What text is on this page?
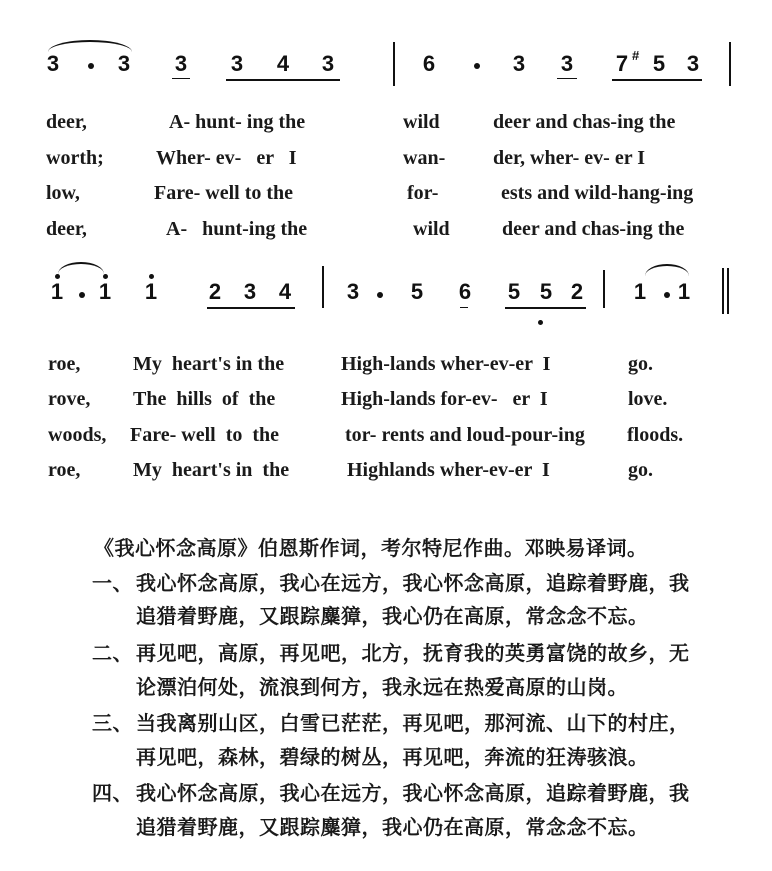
3	3 3 3 4 3	6	3 3 7 # 5 3
deer,	A- hunt- ing the	wild	deer and chas-ing the
worth;	Wher- ev-   er   I	wan- der, wher- ev- er I
low,	Fare- well to the	for-	ests and wild-hang-ing
deer,	A-   hunt-ing the	wild	deer and chas-ing the
1 1 1 2 3 4	3 5 6 5 5 2 1 1
roe,	My  heart's in the	High-lands wher-ev-er  I	go.
rove, The  hills  of  the	High-lands for-ev-   er  I	love.
woods, Fare- well  to  the	tor- rents and loud-pour-ing floods.
roe,	My  heart's in  the	Highlands wher-ev-er  I	go.
《我心怀念高原》伯恩斯作词，考尔特尼作曲。邓映易译词。
一、 我心怀念高原，我心在远方，我心怀念高原，追踪着野鹿，我
追猎着野鹿，又跟踪麋獐，我心仍在高原，常念念不忘。
二、 再见吧，高原，再见吧，北方，抚育我的英勇富饶的故乡，无
论漂泊何处，流浪到何方，我永远在热爱高原的山岗。
三、 当我离别山区，白雪已茫茫，再见吧，那河流、山下的村庄，
再见吧，森林，碧绿的树丛，再见吧，奔流的狂涛骇浪。
四、 我心怀念高原，我心在远方，我心怀念高原，追踪着野鹿，我
追猎着野鹿，又跟踪麋獐，我心仍在高原，常念念不忘。
